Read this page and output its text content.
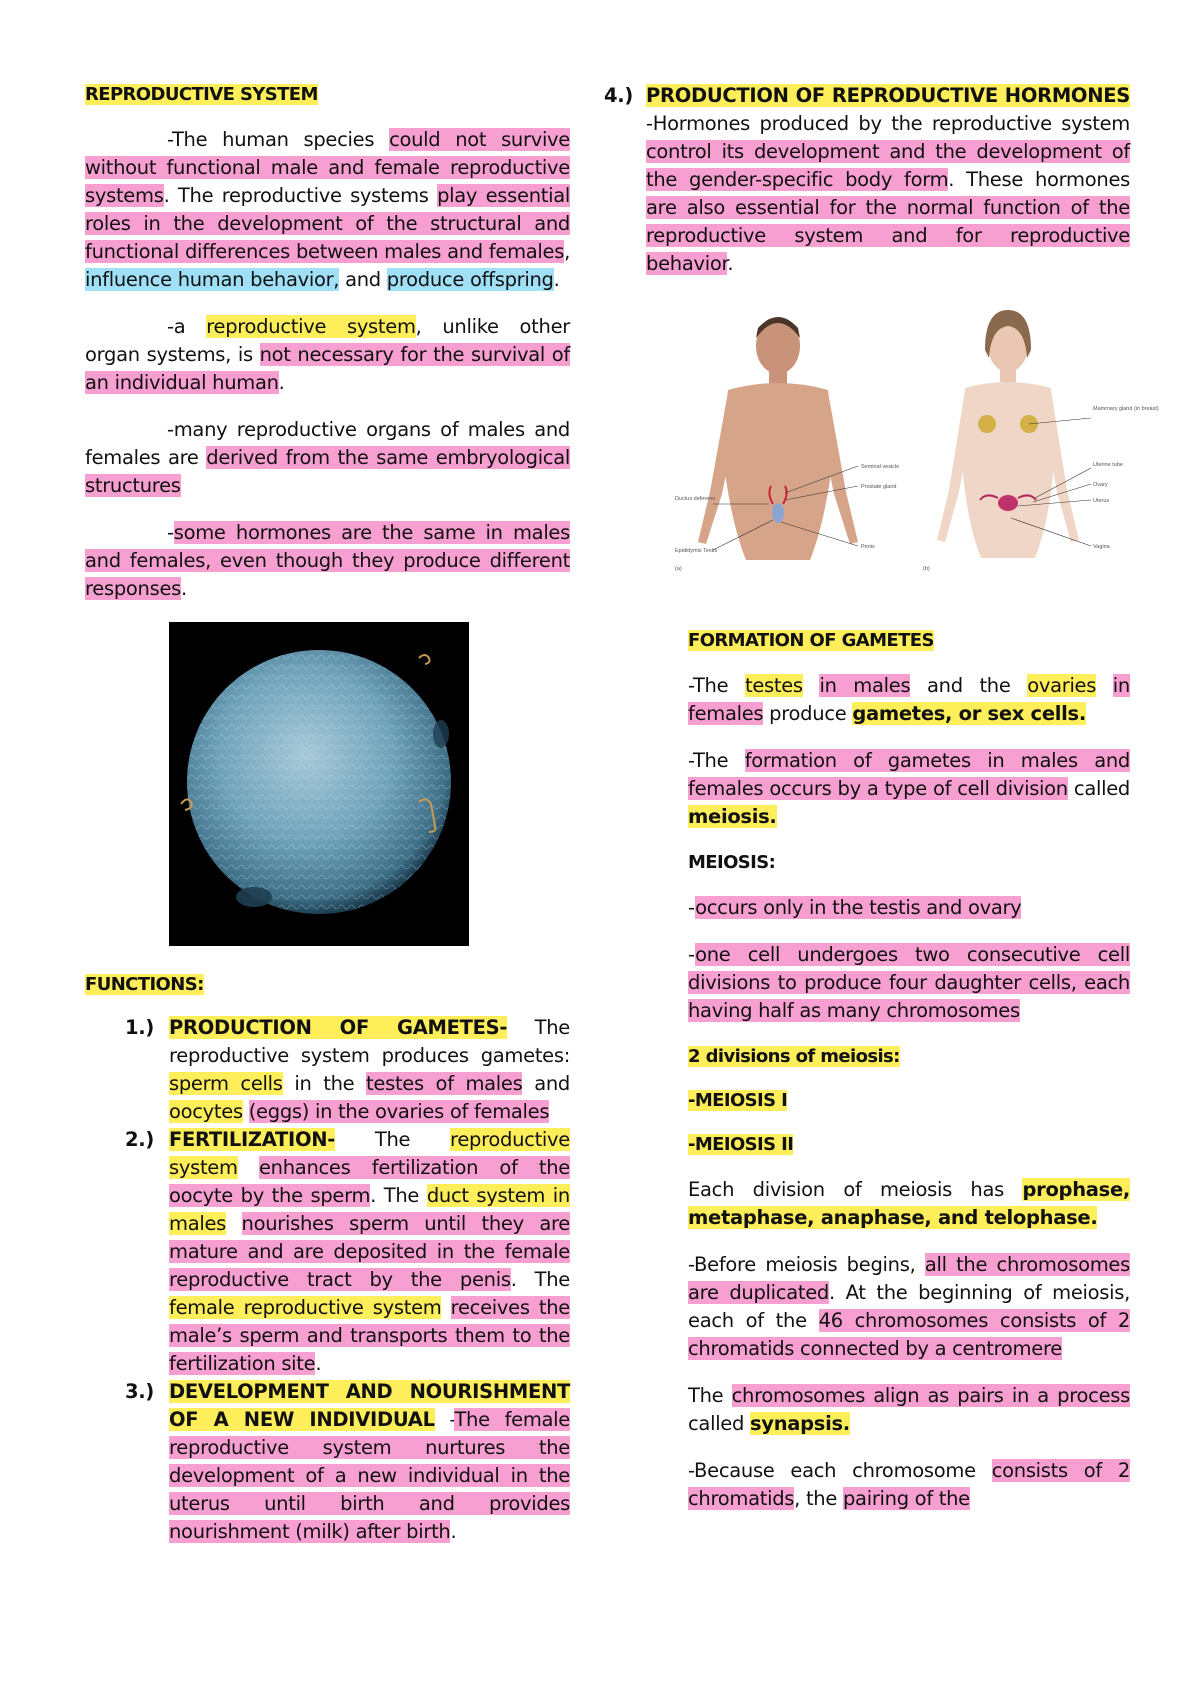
REPRODUCTIVE SYSTEM

-The human species could not survive without functional male and female reproductive systems. The reproductive systems play essential roles in the development of the structural and functional differences between males and females, influence human behavior, and produce offspring.

-a reproductive system, unlike other organ systems, is not necessary for the survival of an individual human.

-many reproductive organs of males and females are derived from the same embryological structures

-some hormones are the same in males and females, even though they produce different responses.

FUNCTIONS:
1.) PRODUCTION OF GAMETES- The reproductive system produces gametes: sperm cells in the testes of males and oocytes (eggs) in the ovaries of females
2.) FERTILIZATION- The reproductive system enhances fertilization of the oocyte by the sperm. The duct system in males nourishes sperm until they are mature and are deposited in the female reproductive tract by the penis. The female reproductive system receives the male’s sperm and transports them to the fertilization site.
3.) DEVELOPMENT AND NOURISHMENT OF A NEW INDIVIDUAL -The female reproductive system nurtures the development of a new individual in the uterus until birth and provides nourishment (milk) after birth.
4.) PRODUCTION OF REPRODUCTIVE HORMONES -Hormones produced by the reproductive system control its development and the development of the gender-specific body form. These hormones are also essential for the normal function of the reproductive system and for reproductive behavior.
Seminal vesicle
Prostate gland
Ductus deferens
Epididymis Testis
Penis
(a)
Mammary gland (in breast)
Uterine tube
Ovary
Uterus
Vagina
(b)
FORMATION OF GAMETES

-The testes in males and the ovaries in females produce gametes, or sex cells.

-The formation of gametes in males and females occurs by a type of cell division called meiosis.

MEIOSIS:

-occurs only in the testis and ovary

-one cell undergoes two consecutive cell divisions to produce four daughter cells, each having half as many chromosomes

2 divisions of meiosis:
-MEIOSIS I
-MEIOSIS II

Each division of meiosis has prophase, metaphase, anaphase, and telophase.

-Before meiosis begins, all the chromosomes are duplicated. At the beginning of meiosis, each of the 46 chromosomes consists of 2 chromatids connected by a centromere

The chromosomes align as pairs in a process called synapsis.

-Because each chromosome consists of 2 chromatids, the pairing of the
